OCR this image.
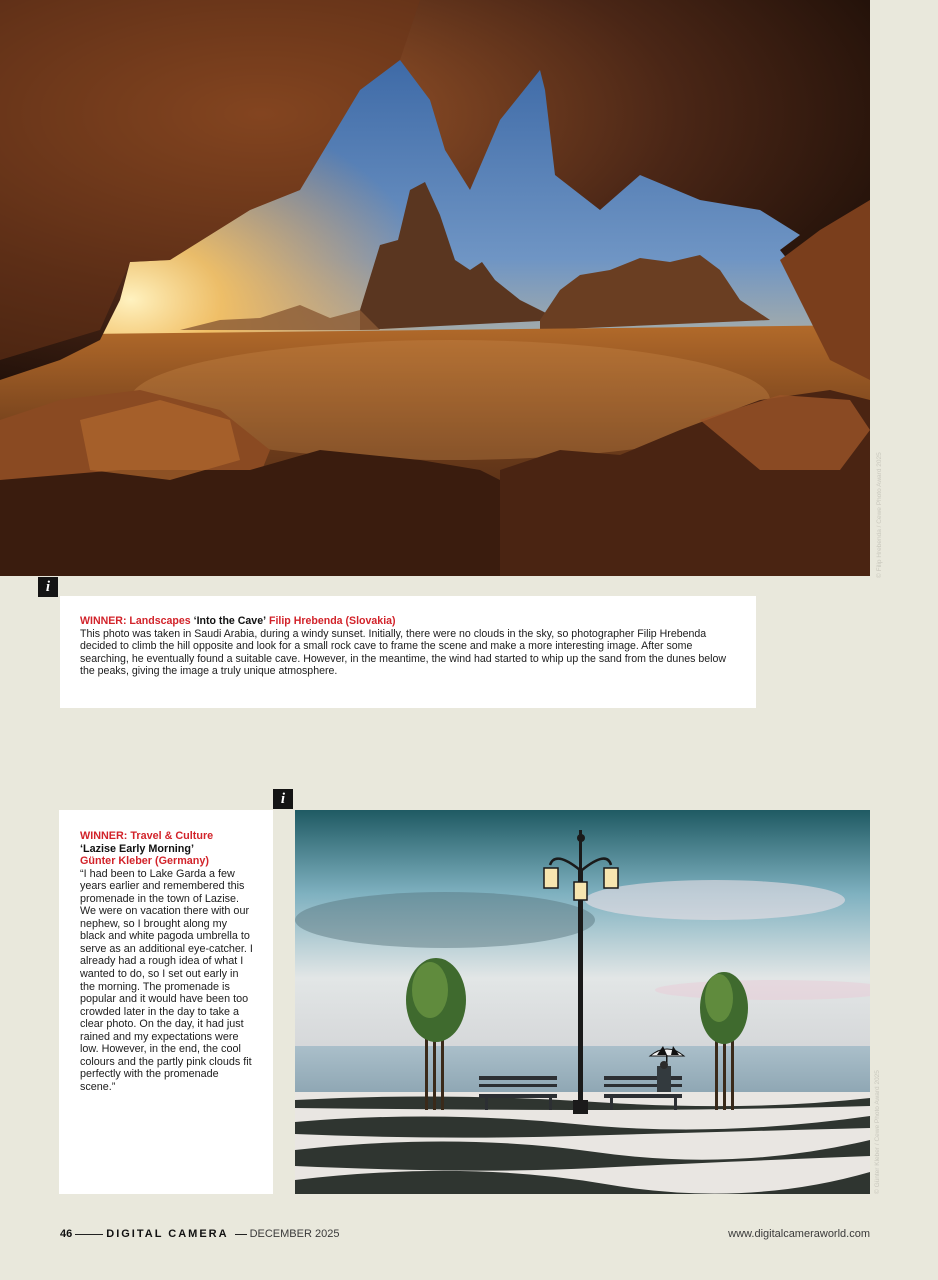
© Filip Hrebenda / Cewe Photo Award 2025
i
WINNER: Landscapes ‘Into the Cave’ Filip Hrebenda (Slovakia)
This photo was taken in Saudi Arabia, during a windy sunset. Initially, there were no clouds in the sky, so photographer Filip Hrebenda decided to climb the hill opposite and look for a small rock cave to frame the scene and make a more interesting image. After some searching, he eventually found a suitable cave. However, in the meantime, the wind had started to whip up the sand from the dunes below the peaks, giving the image a truly unique atmosphere.
WINNER: Travel & Culture
‘Lazise Early Morning’
Günter Kleber (Germany)
“I had been to Lake Garda a few years earlier and remembered this promenade in the town of Lazise. We were on vacation there with our nephew, so I brought along my black and white pagoda umbrella to serve as an additional eye-catcher. I already had a rough idea of what I wanted to do, so I set out early in the morning. The promenade is popular and it would have been too crowded later in the day to take a clear photo. On the day, it had just rained and my expectations were low. However, in the end, the cool colours and the partly pink clouds fit perfectly with the promenade scene.”
i
© Günter Kleber / Cewe Photo Award 2025
46	DIGITAL CAMERA DECEMBER 2025	www.digitalcameraworld.com
